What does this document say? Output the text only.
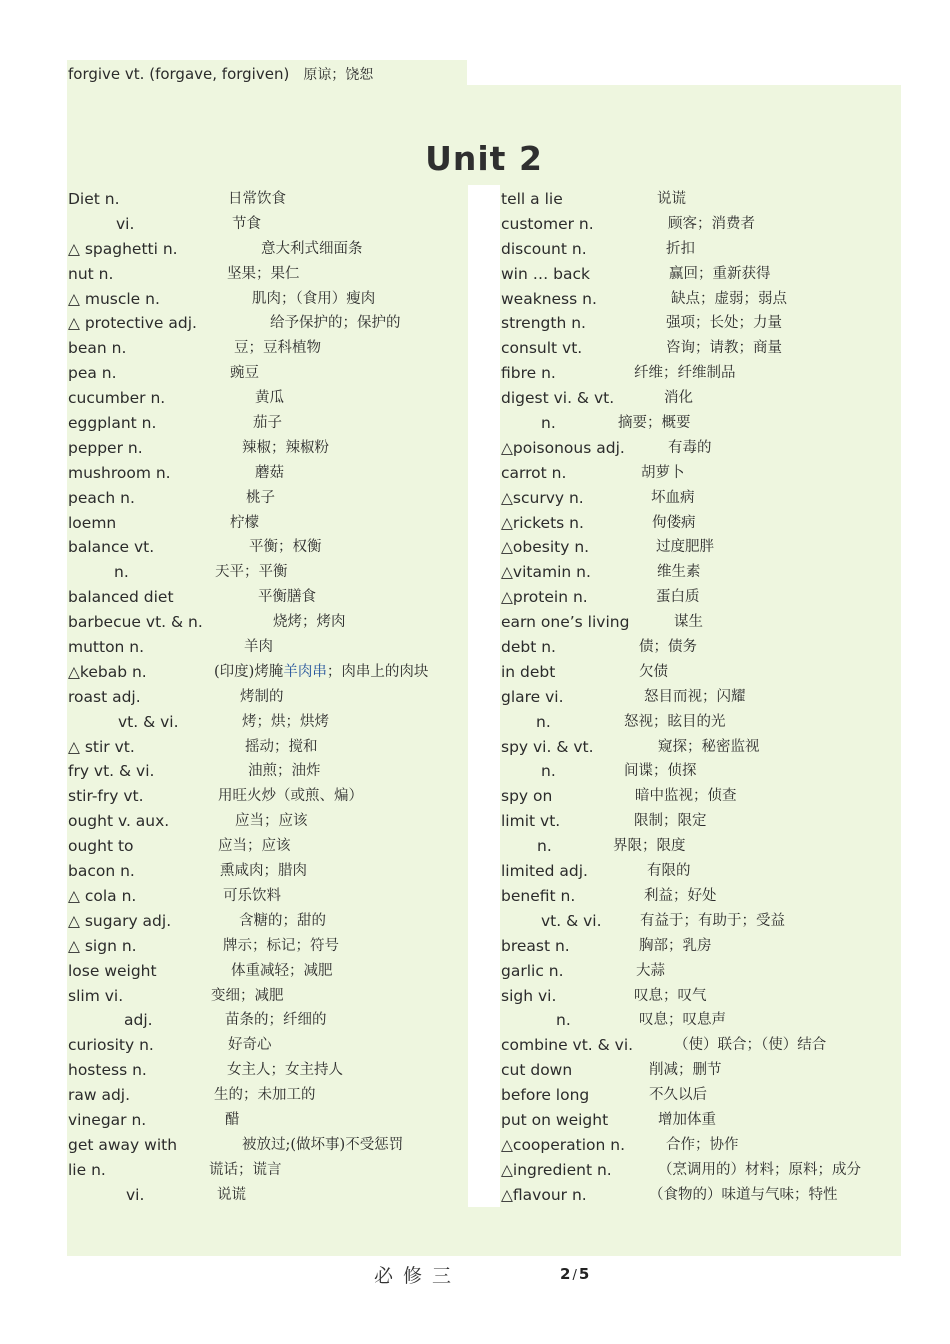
forgive vt. (forgave, forgiven) 原谅；饶恕
Unit 2
Diet n.	日常饮食
vi.	节食
△ spaghetti n.	意大利式细面条
nut n.	坚果；果仁
△ muscle n.	肌肉；（食用）瘦肉
△ protective adj.	给予保护的；保护的
bean n.	豆；豆科植物
pea n.	豌豆
cucumber n.	黄瓜
eggplant n.	茄子
pepper n.	辣椒；辣椒粉
mushroom n.	蘑菇
peach n.	桃子
loemn	柠檬
balance vt.	平衡；权衡
n.	天平；平衡
balanced diet	平衡膳食
barbecue vt. & n.	烧烤；烤肉
mutton n.	羊肉
△kebab n.	(印度)烤腌羊肉串；肉串上的肉块
roast adj.	烤制的
vt. & vi.	烤；烘；烘烤
△ stir vt.	摇动；搅和
fry vt. & vi.	油煎；油炸
stir-fry vt.	用旺火炒（或煎、煸）
ought v. aux.	应当；应该
ought to	应当；应该
bacon n.	熏咸肉；腊肉
△ cola n.	可乐饮料
△ sugary adj.	含糖的；甜的
△ sign n.	牌示；标记；符号
lose weight	体重减轻；减肥
slim vi.	变细；减肥
adj.	苗条的；纤细的
curiosity n.	好奇心
hostess n.	女主人；女主持人
raw adj.	生的；未加工的
vinegar n.	醋
get away with	被放过;(做坏事)不受惩罚
lie n.	谎话；谎言
vi.	说谎
tell a lie	说谎
customer n.	顾客；消费者
discount n.	折扣
win … back	赢回；重新获得
weakness n.	缺点；虚弱；弱点
strength n.	强项；长处；力量
consult vt.	咨询；请教；商量
fibre n.	纤维；纤维制品
digest vi. & vt.	消化
n.	摘要；概要
△poisonous adj.	有毒的
carrot n.	胡萝卜
△scurvy n.	坏血病
△rickets n.	佝偻病
△obesity n.	过度肥胖
△vitamin n.	维生素
△protein n.	蛋白质
earn one’s living	谋生
debt n.	债；债务
in debt	欠债
glare vi.	怒目而视；闪耀
n.	怒视；眩目的光
spy vi. & vt.	窥探；秘密监视
n.	间谍；侦探
spy on	暗中监视；侦查
limit vt.	限制；限定
n.	界限；限度
limited adj.	有限的
benefit n.	利益；好处
vt. & vi.	有益于；有助于；受益
breast n.	胸部；乳房
garlic n.	大蒜
sigh vi.	叹息；叹气
n.	叹息；叹息声
combine vt. & vi.	（使）联合；（使）结合
cut down	削减；删节
before long	不久以后
put on weight	增加体重
△cooperation n.	合作；协作
△ingredient n.	（烹调用的）材料；原料；成分
△flavour n.	（食物的）味道与气味；特性
必修三	2 / 5
